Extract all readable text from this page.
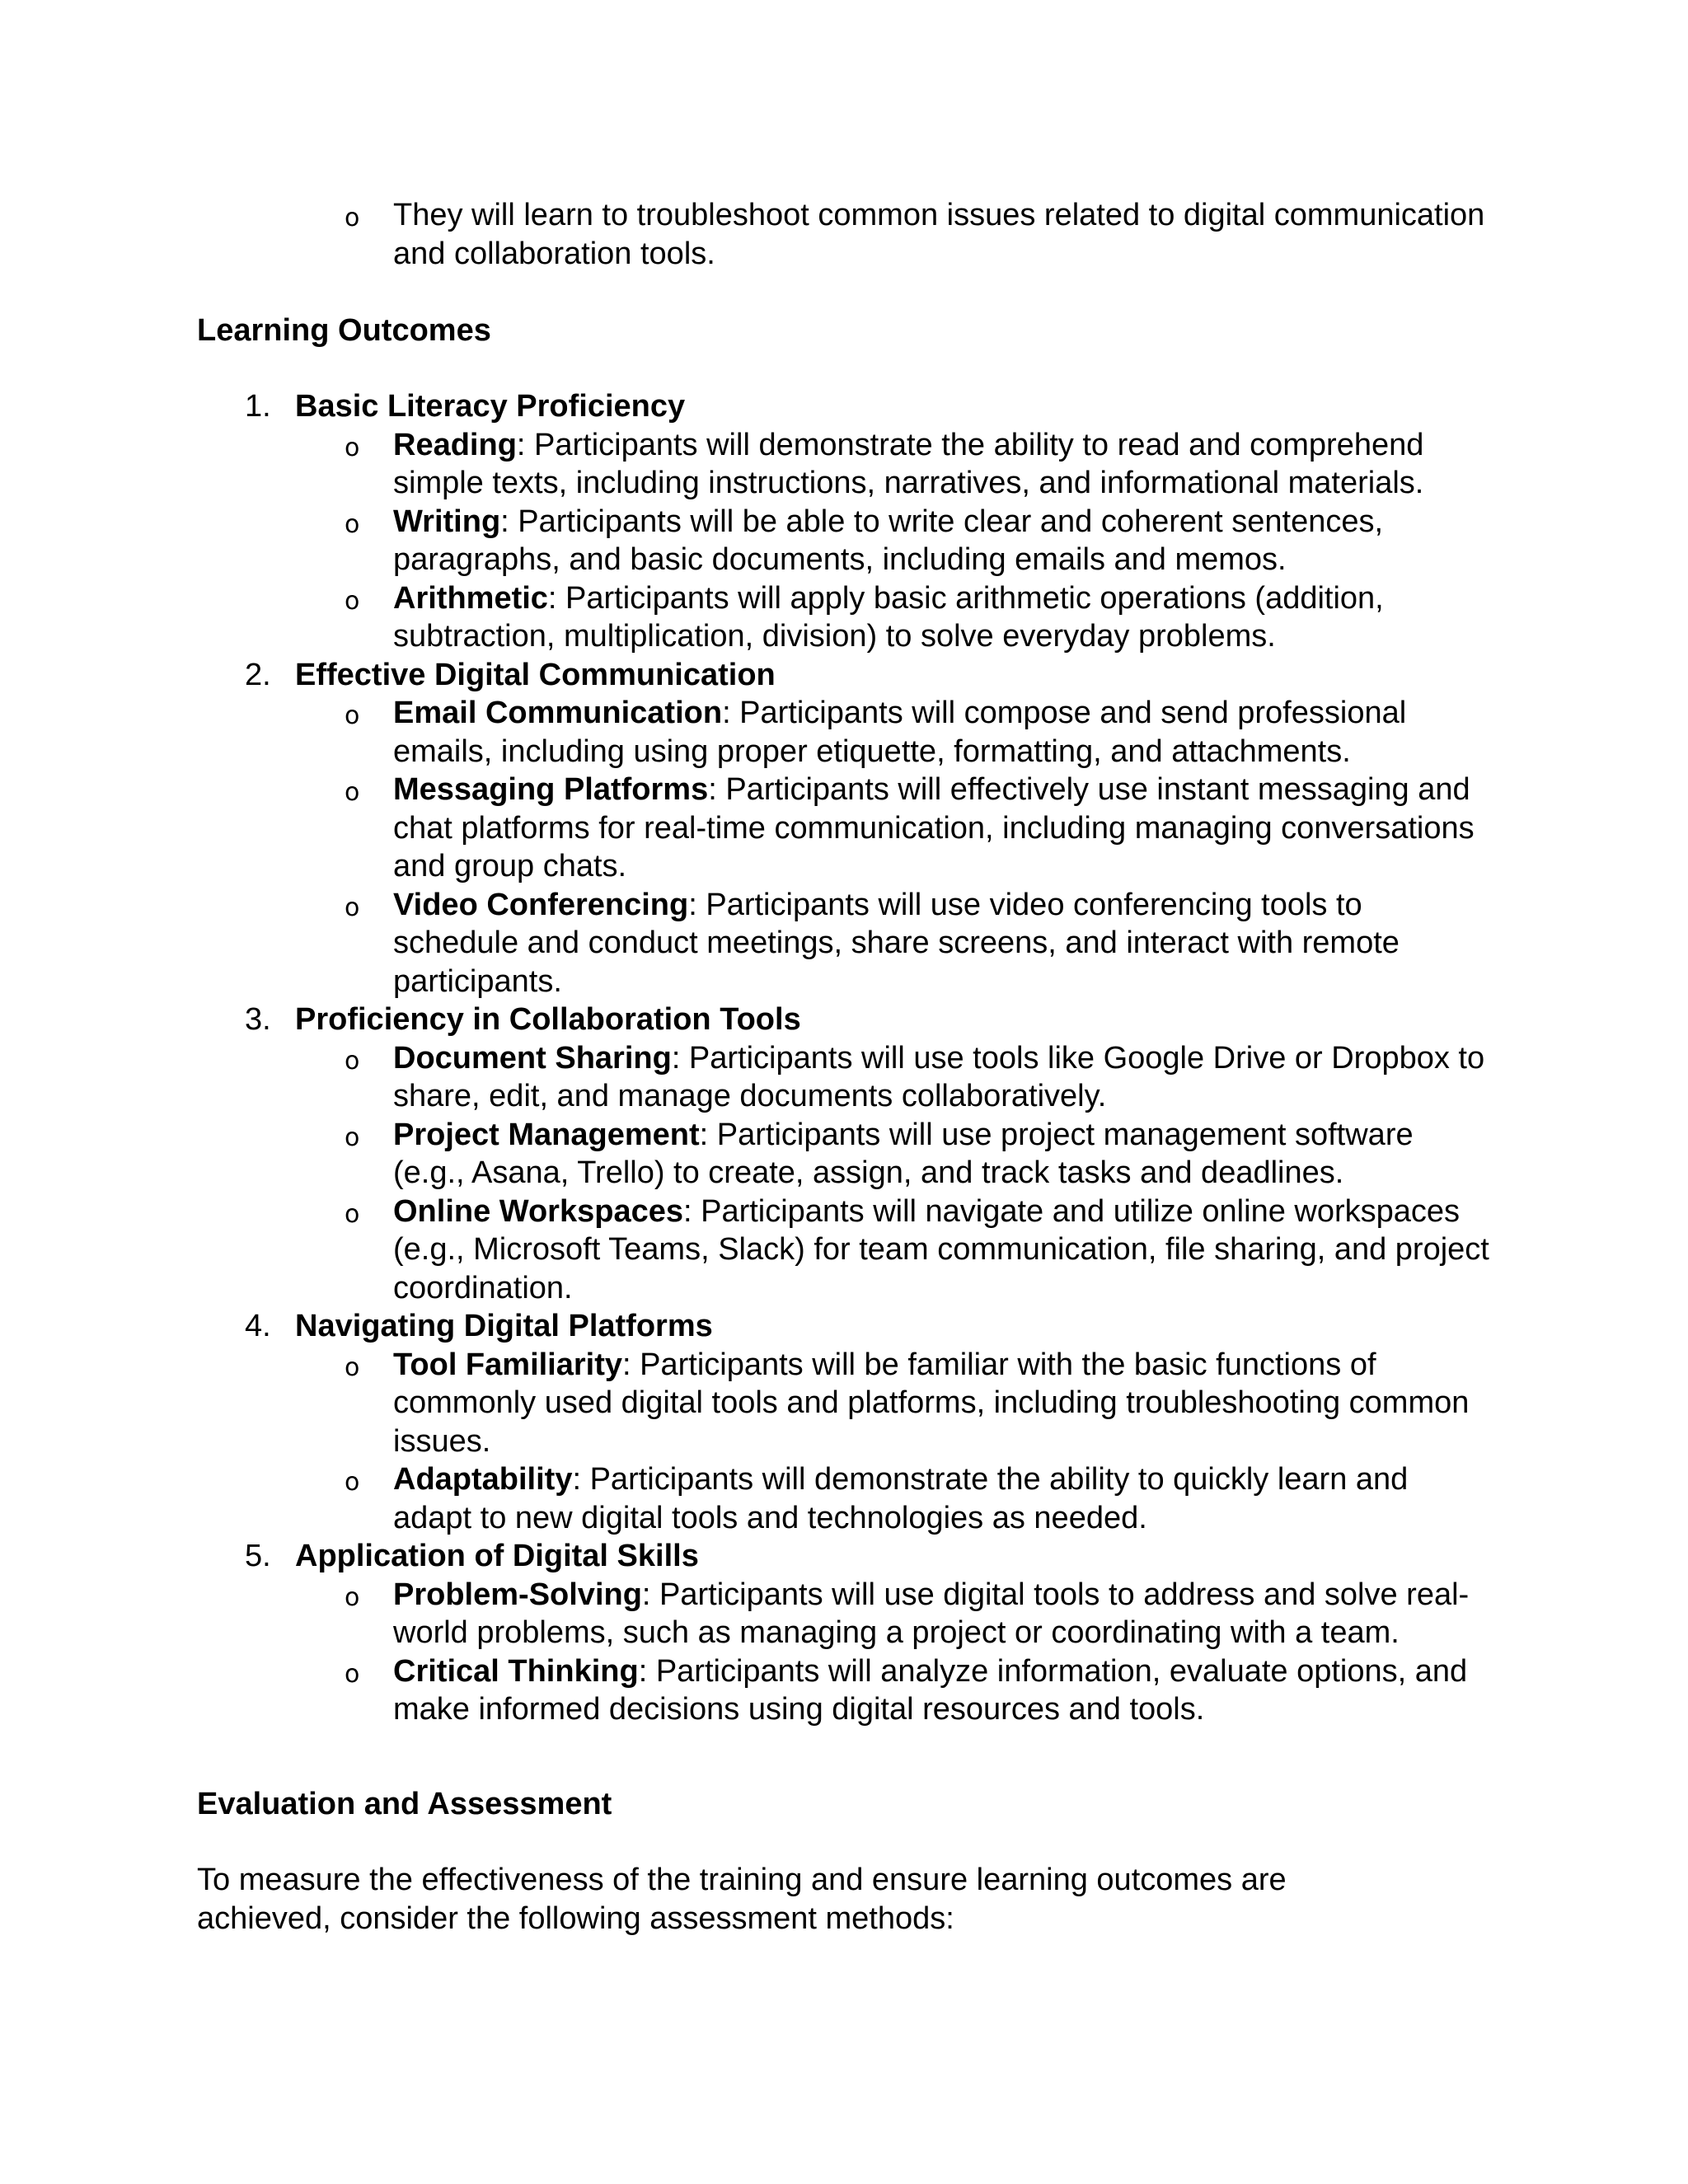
o They will learn to troubleshoot common issues related to digital communication and collaboration tools.
Learning Outcomes
1. Basic Literacy Proficiency
o Reading: Participants will demonstrate the ability to read and comprehend simple texts, including instructions, narratives, and informational materials.
o Writing: Participants will be able to write clear and coherent sentences, paragraphs, and basic documents, including emails and memos.
o Arithmetic: Participants will apply basic arithmetic operations (addition, subtraction, multiplication, division) to solve everyday problems.
2. Effective Digital Communication
o Email Communication: Participants will compose and send professional emails, including using proper etiquette, formatting, and attachments.
o Messaging Platforms: Participants will effectively use instant messaging and chat platforms for real-time communication, including managing conversations and group chats.
o Video Conferencing: Participants will use video conferencing tools to schedule and conduct meetings, share screens, and interact with remote participants.
3. Proficiency in Collaboration Tools
o Document Sharing: Participants will use tools like Google Drive or Dropbox to share, edit, and manage documents collaboratively.
o Project Management: Participants will use project management software (e.g., Asana, Trello) to create, assign, and track tasks and deadlines.
o Online Workspaces: Participants will navigate and utilize online workspaces (e.g., Microsoft Teams, Slack) for team communication, file sharing, and project coordination.
4. Navigating Digital Platforms
o Tool Familiarity: Participants will be familiar with the basic functions of commonly used digital tools and platforms, including troubleshooting common issues.
o Adaptability: Participants will demonstrate the ability to quickly learn and adapt to new digital tools and technologies as needed.
5. Application of Digital Skills
o Problem-Solving: Participants will use digital tools to address and solve real-world problems, such as managing a project or coordinating with a team.
o Critical Thinking: Participants will analyze information, evaluate options, and make informed decisions using digital resources and tools.
Evaluation and Assessment
To measure the effectiveness of the training and ensure learning outcomes are achieved, consider the following assessment methods:
